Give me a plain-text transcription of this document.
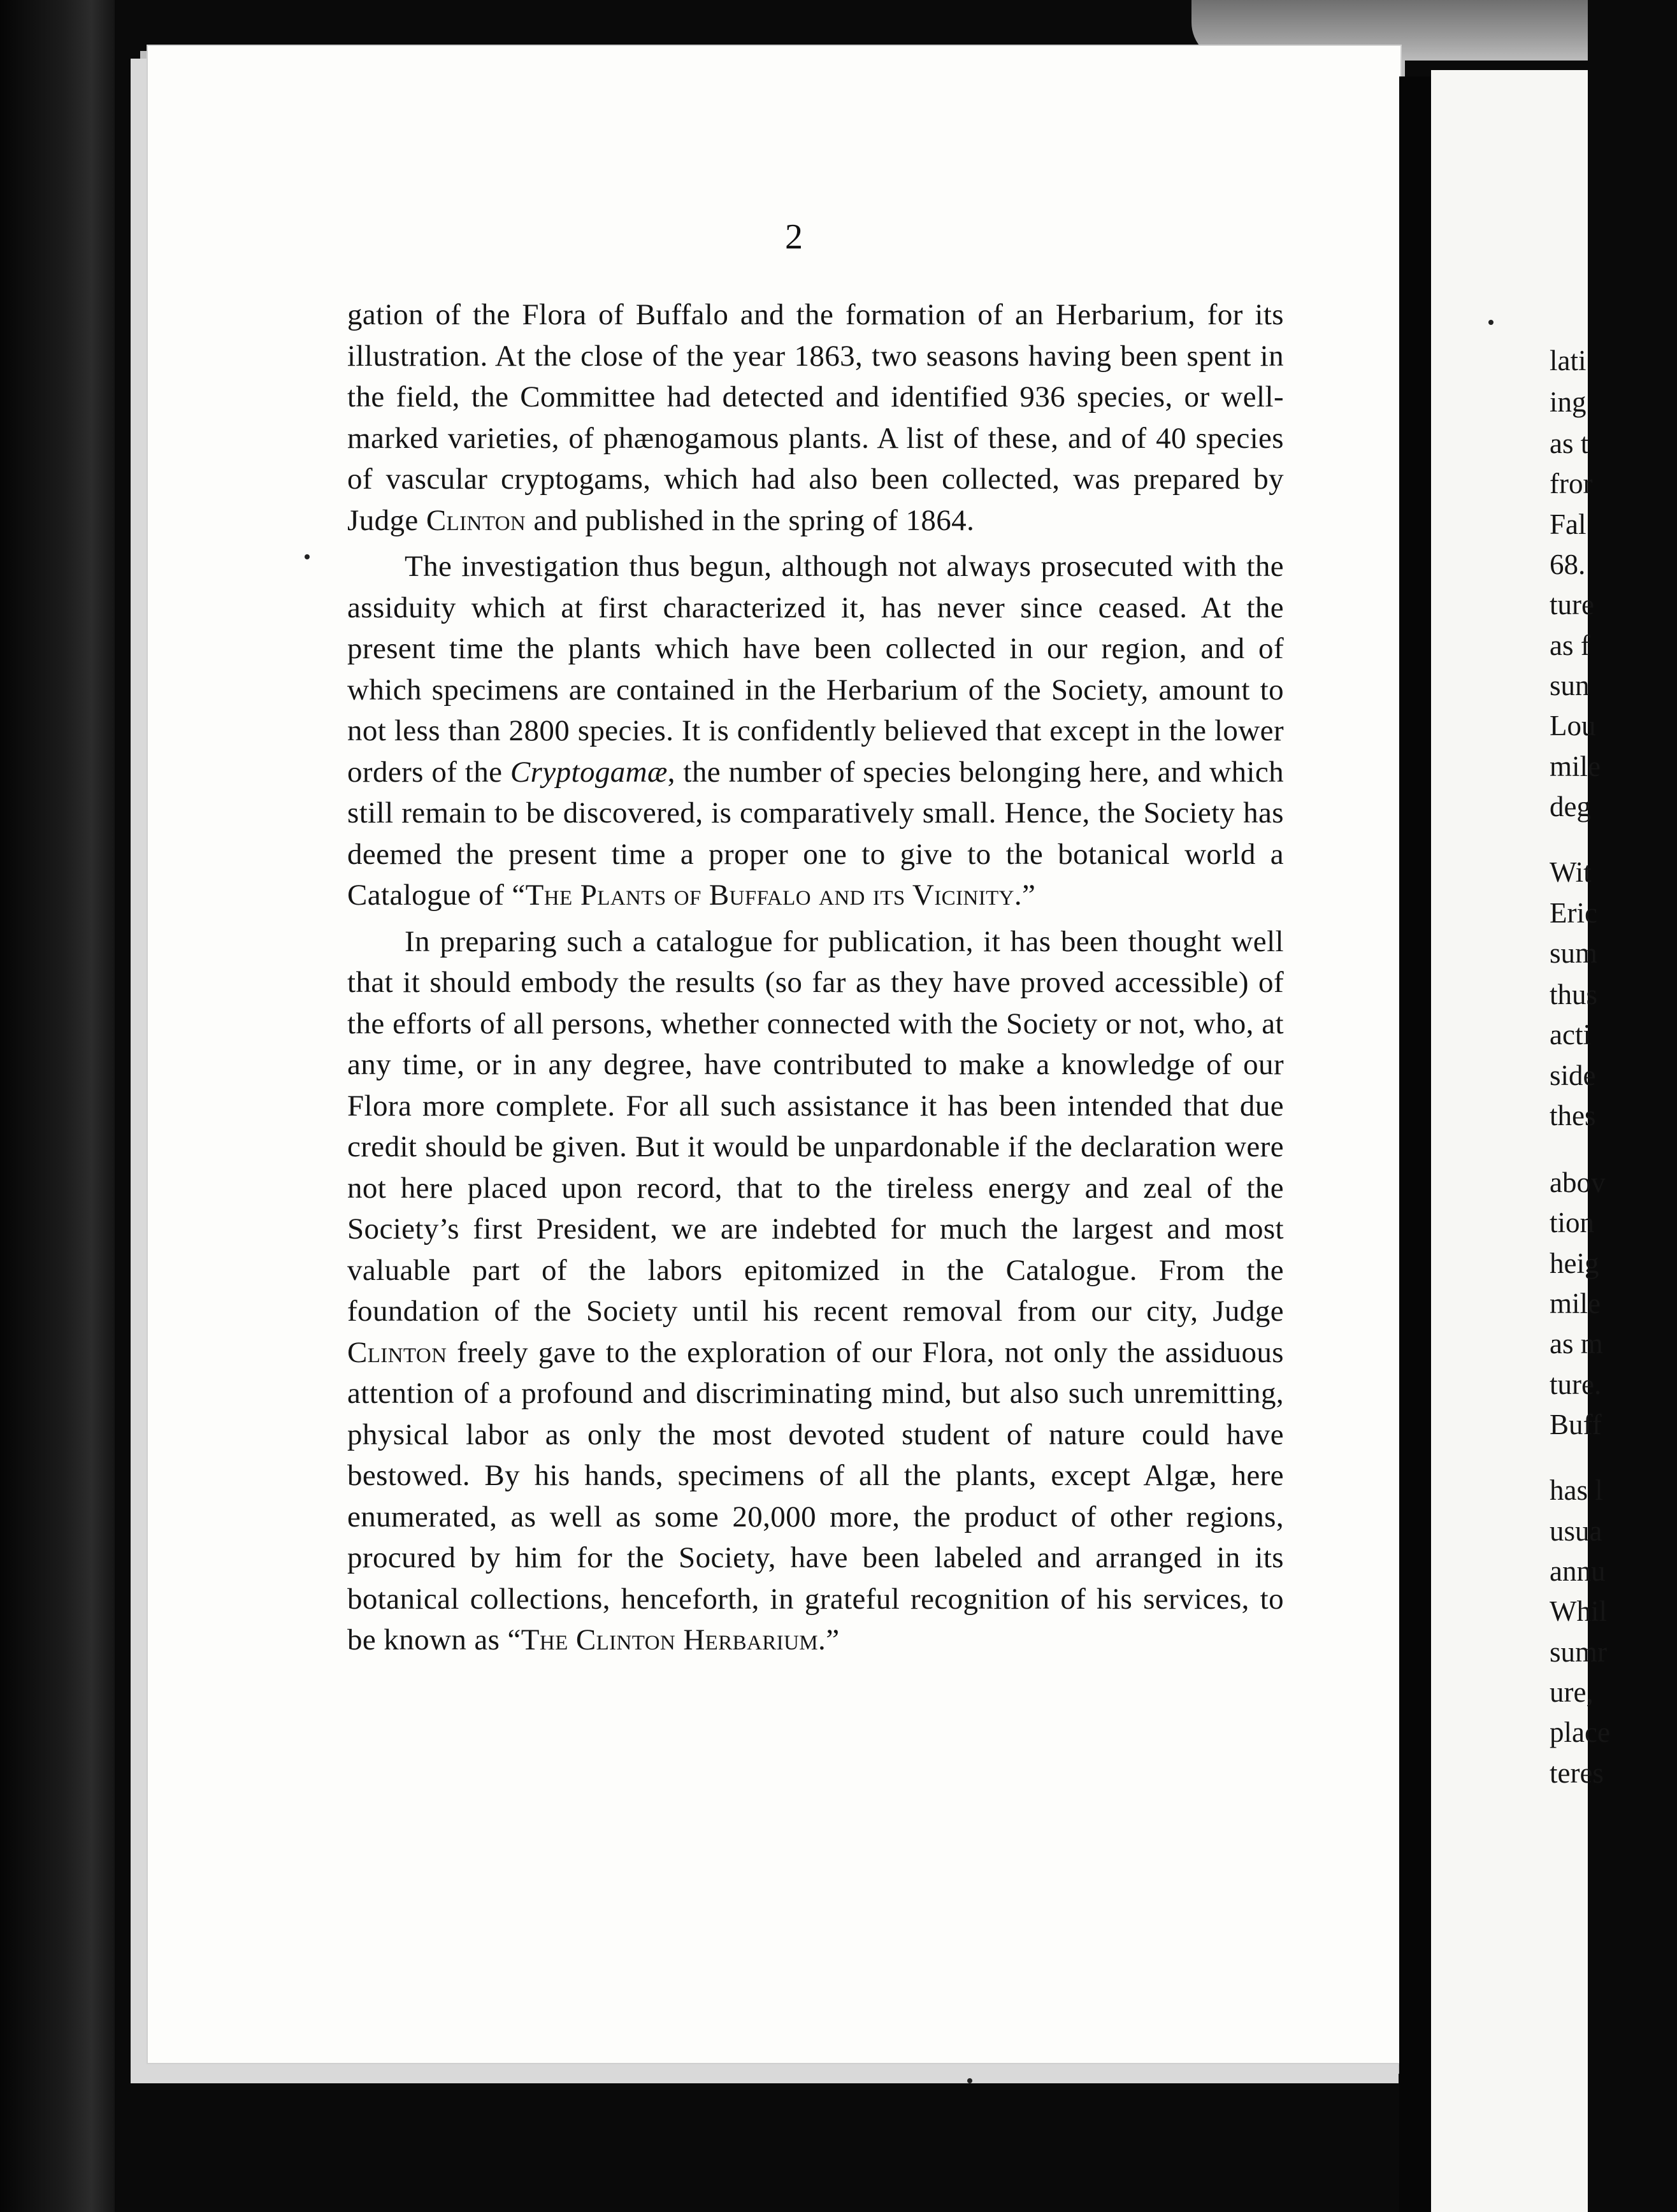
2

gation of the Flora of Buffalo and the formation of an Herbarium, for its illustration. At the close of the year 1863, two seasons having been spent in the field, the Committee had detected and identified 936 species, or well-marked varieties, of phænogamous plants. A list of these, and of 40 species of vascular cryptogams, which had also been collected, was prepared by Judge Clinton and published in the spring of 1864.

The investigation thus begun, although not always prosecuted with the assiduity which at first characterized it, has never since ceased. At the present time the plants which have been collected in our region, and of which specimens are contained in the Herbarium of the Society, amount to not less than 2800 species. It is confidently believed that except in the lower orders of the Cryptogamæ, the number of species belonging here, and which still remain to be discovered, is comparatively small. Hence, the Society has deemed the present time a proper one to give to the botanical world a Catalogue of “The Plants of Buffalo and its Vicinity.”

In preparing such a catalogue for publication, it has been thought well that it should embody the results (so far as they have proved accessible) of the efforts of all persons, whether connected with the Society or not, who, at any time, or in any degree, have contributed to make a knowledge of our Flora more complete. For all such assistance it has been intended that due credit should be given. But it would be unpardonable if the declaration were not here placed upon record, that to the tireless energy and zeal of the Society’s first President, we are indebted for much the largest and most valuable part of the labors epitomized in the Catalogue. From the foundation of the Society until his recent removal from our city, Judge Clinton freely gave to the exploration of our Flora, not only the assiduous attention of a profound and discriminating mind, but also such unremitting, physical labor as only the most devoted student of nature could have bestowed. By his hands, specimens of all the plants, except Algæ, here enumerated, as well as some 20,000 more, the product of other regions, procured by him for the Society, have been labeled and arranged in its botanical collections, henceforth, in grateful recognition of his services, to be known as “The Clinton Herbarium.”

lati
ing
as t
fror
Fal
68.
ture
as f
sun
Lou
mile
deg
Wit
Eric
sum
thus
acti
side
thes
abov
tion
heig
mile
as m
ture.
Buff
has l
usua
annu
Whil
sumr
ure,
place
teres
